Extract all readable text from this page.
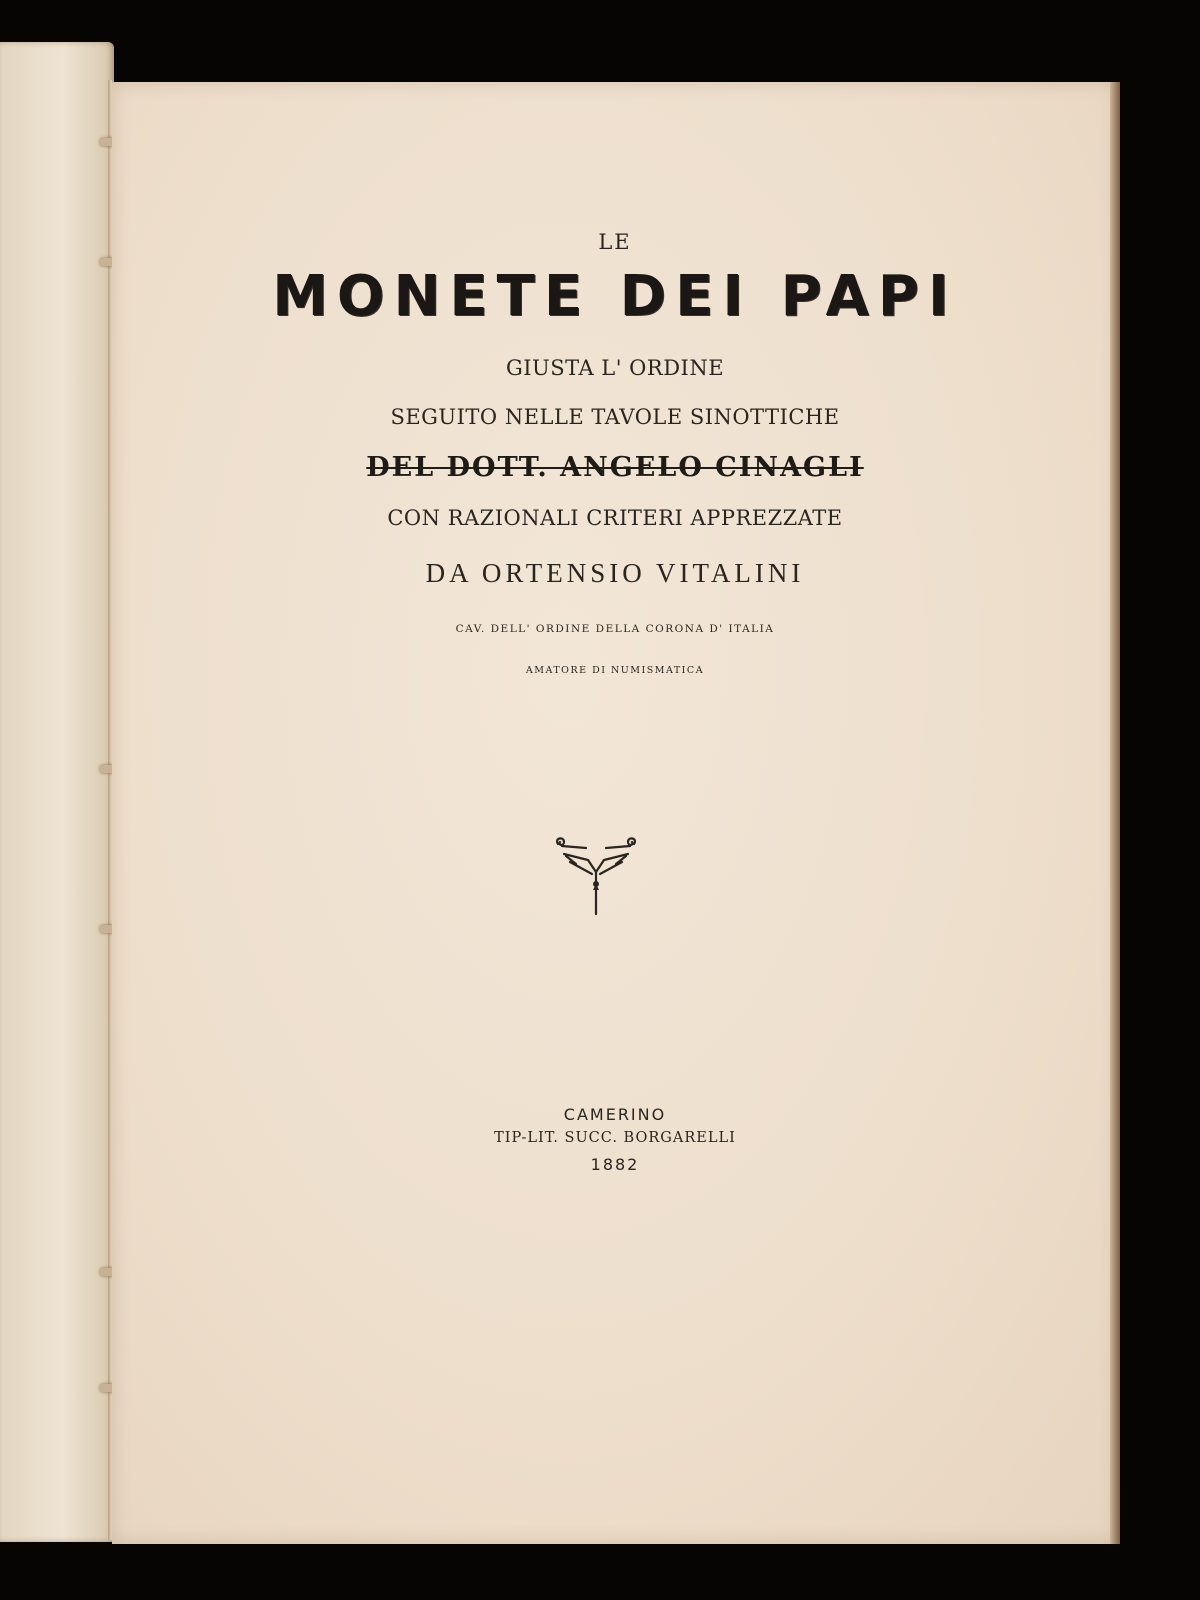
LE
MONETE DEI PAPI
GIUSTA L' ORDINE
SEGUITO NELLE TAVOLE SINOTTICHE
DEL DOTT. ANGELO CINAGLI
CON RAZIONALI CRITERI APPREZZATE
DA ORTENSIO VITALINI
CAV. DELL' ORDINE DELLA CORONA D' ITALIA
AMATORE DI NUMISMATICA
CAMERINO
TIP-LIT. SUCC. BORGARELLI
1882
